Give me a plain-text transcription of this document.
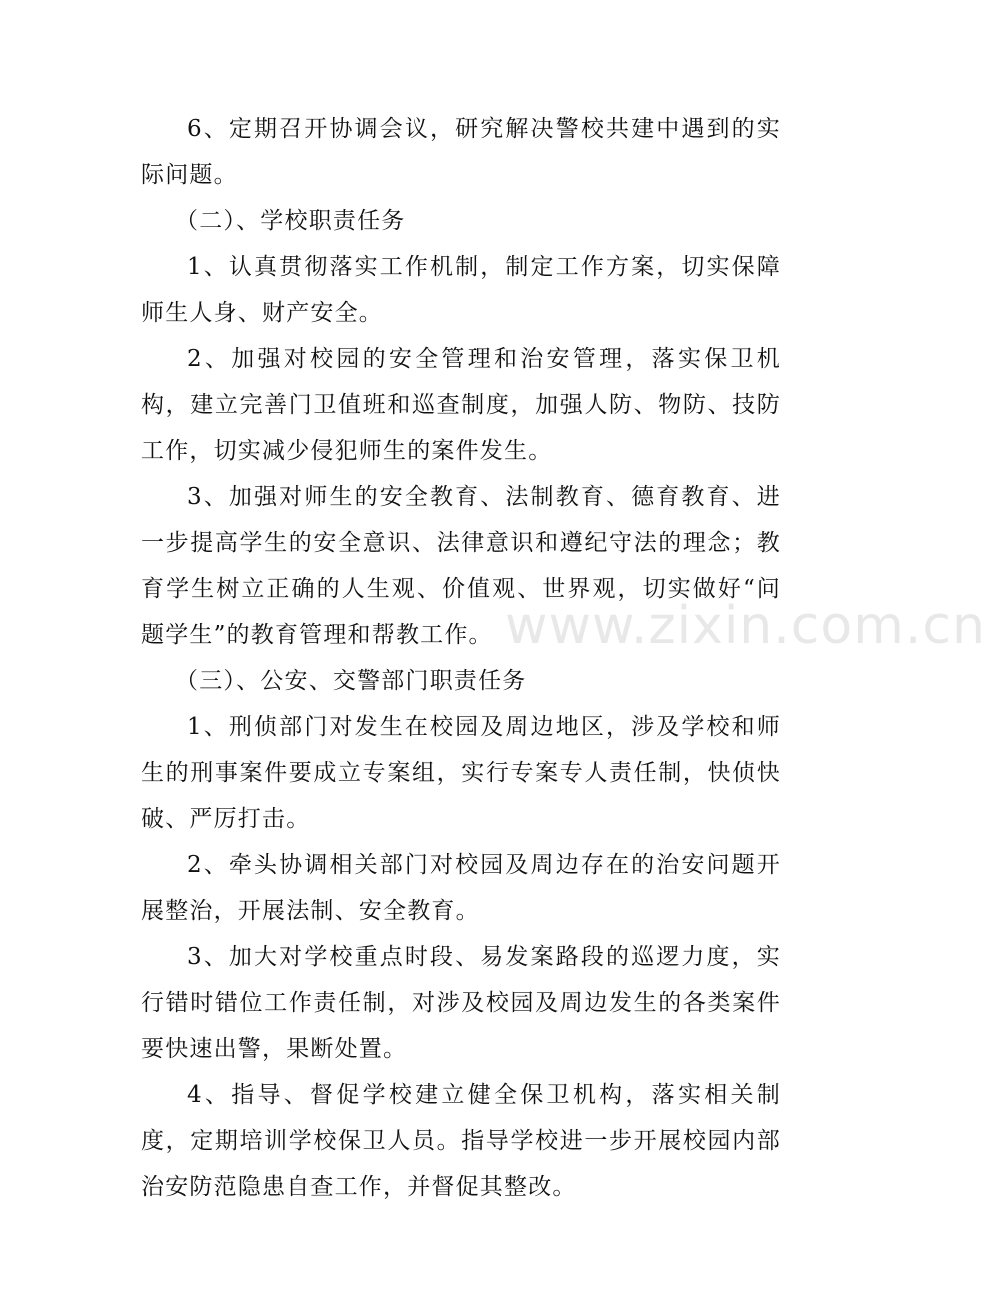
6、定期召开协调会议，研究解决警校共建中遇到的实际问题。

（二）、学校职责任务

1、认真贯彻落实工作机制，制定工作方案，切实保障师生人身、财产安全。

2、加强对校园的安全管理和治安管理，落实保卫机构，建立完善门卫值班和巡查制度，加强人防、物防、技防工作，切实减少侵犯师生的案件发生。

3、加强对师生的安全教育、法制教育、德育教育、进一步提高学生的安全意识、法律意识和遵纪守法的理念；教育学生树立正确的人生观、价值观、世界观，切实做好“问题学生”的教育管理和帮教工作。

（三）、公安、交警部门职责任务

1、刑侦部门对发生在校园及周边地区，涉及学校和师生的刑事案件要成立专案组，实行专案专人责任制，快侦快破、严厉打击。

2、牵头协调相关部门对校园及周边存在的治安问题开展整治，开展法制、安全教育。

3、加大对学校重点时段、易发案路段的巡逻力度，实行错时错位工作责任制，对涉及校园及周边发生的各类案件要快速出警，果断处置。

4、指导、督促学校建立健全保卫机构，落实相关制度，定期培训学校保卫人员。指导学校进一步开展校园内部治安防范隐患自查工作，并督促其整改。

www.zixin.com.cn
